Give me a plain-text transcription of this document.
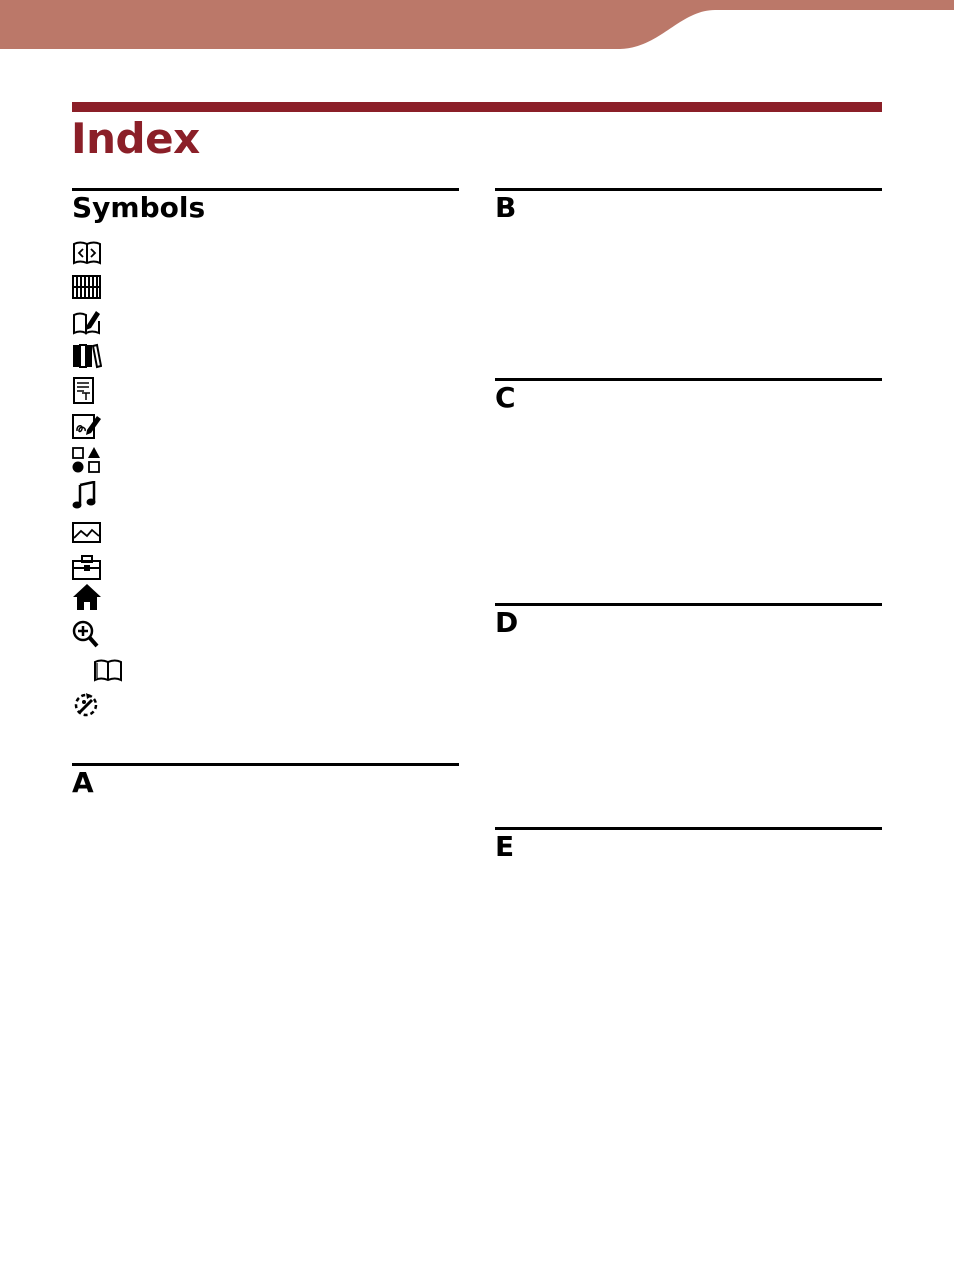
Index
Symbols
A
B
C
D
E
